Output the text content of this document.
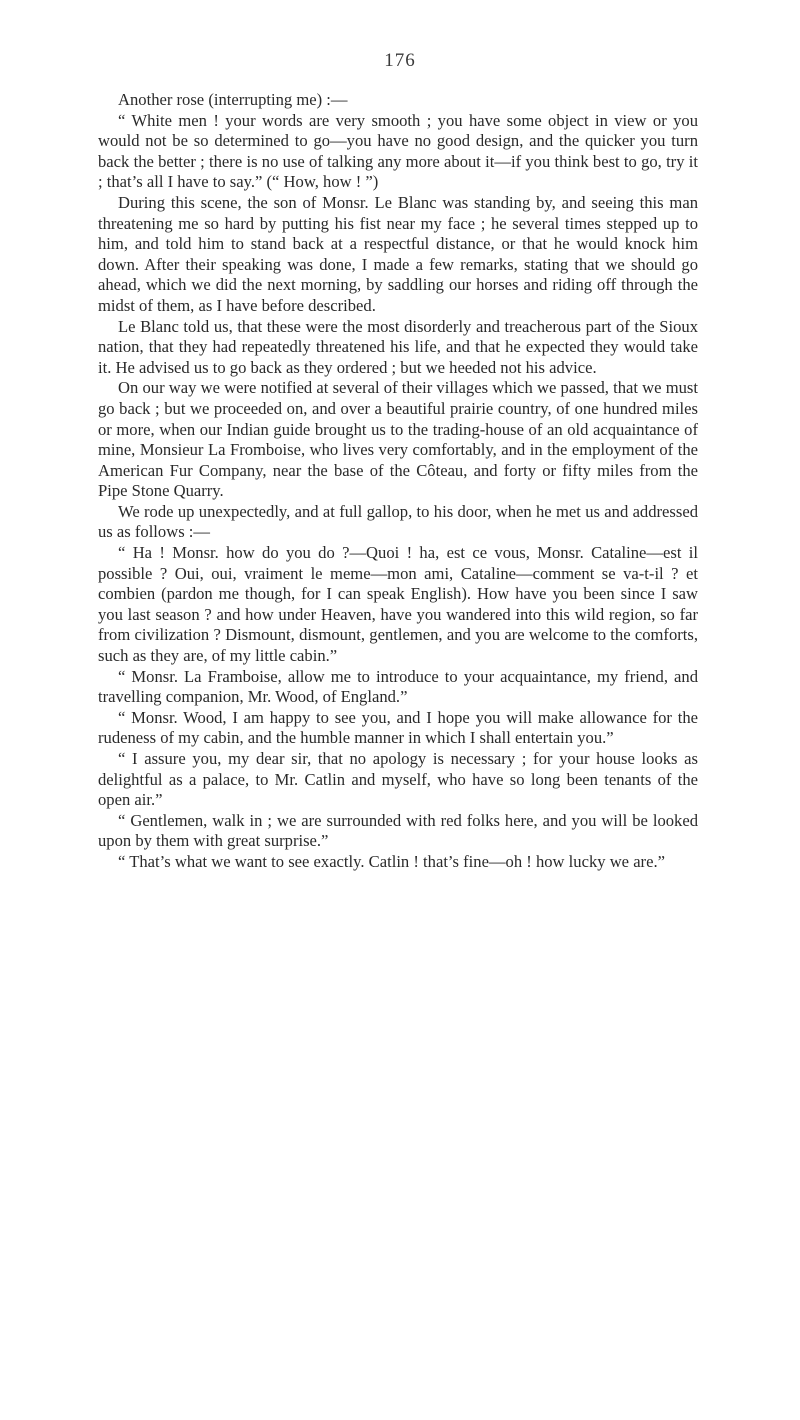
176

Another rose (interrupting me) :—

“ White men ! your words are very smooth ; you have some object in view or you would not be so determined to go—you have no good design, and the quicker you turn back the better ; there is no use of talking any more about it—if you think best to go, try it ; that’s all I have to say.” (“ How, how ! ”)

During this scene, the son of Monsr. Le Blanc was standing by, and seeing this man threatening me so hard by putting his fist near my face ; he several times stepped up to him, and told him to stand back at a respectful distance, or that he would knock him down. After their speaking was done, I made a few remarks, stating that we should go ahead, which we did the next morning, by saddling our horses and riding off through the midst of them, as I have before described.

Le Blanc told us, that these were the most disorderly and treacherous part of the Sioux nation, that they had repeatedly threatened his life, and that he expected they would take it. He advised us to go back as they ordered ; but we heeded not his advice.

On our way we were notified at several of their villages which we passed, that we must go back ; but we proceeded on, and over a beautiful prairie country, of one hundred miles or more, when our Indian guide brought us to the trading-house of an old acquaintance of mine, Monsieur La Fromboise, who lives very comfortably, and in the employment of the American Fur Company, near the base of the Côteau, and forty or fifty miles from the Pipe Stone Quarry.

We rode up unexpectedly, and at full gallop, to his door, when he met us and addressed us as follows :—

“ Ha ! Monsr. how do you do ?—Quoi ! ha, est ce vous, Monsr. Cataline—est il possible ? Oui, oui, vraiment le meme—mon ami, Cataline—comment se va-t-il ? et combien (pardon me though, for I can speak English). How have you been since I saw you last season ? and how under Heaven, have you wandered into this wild region, so far from civilization ? Dismount, dismount, gentlemen, and you are welcome to the comforts, such as they are, of my little cabin.”

“ Monsr. La Framboise, allow me to introduce to your acquaintance, my friend, and travelling companion, Mr. Wood, of England.”

“ Monsr. Wood, I am happy to see you, and I hope you will make allowance for the rudeness of my cabin, and the humble manner in which I shall entertain you.”

“ I assure you, my dear sir, that no apology is necessary ; for your house looks as delightful as a palace, to Mr. Catlin and myself, who have so long been tenants of the open air.”

“ Gentlemen, walk in ; we are surrounded with red folks here, and you will be looked upon by them with great surprise.”

“ That’s what we want to see exactly. Catlin ! that’s fine—oh ! how lucky we are.”
